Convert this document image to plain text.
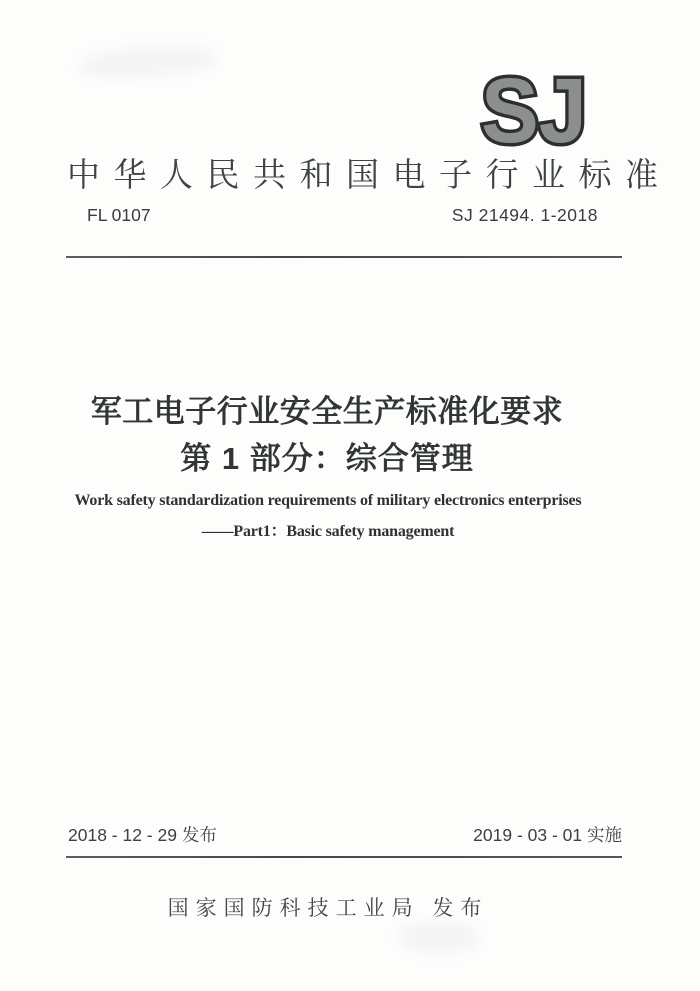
SJ
中华人民共和国电子行业标准
FL 0107	SJ 21494. 1-2018
军工电子行业安全生产标准化要求
第 1 部分：综合管理
Work safety standardization requirements of military electronics enterprises
——Part1：Basic safety management
2018 - 12 - 29 发布	2019 - 03 - 01 实施
国家国防科技工业局 发布
